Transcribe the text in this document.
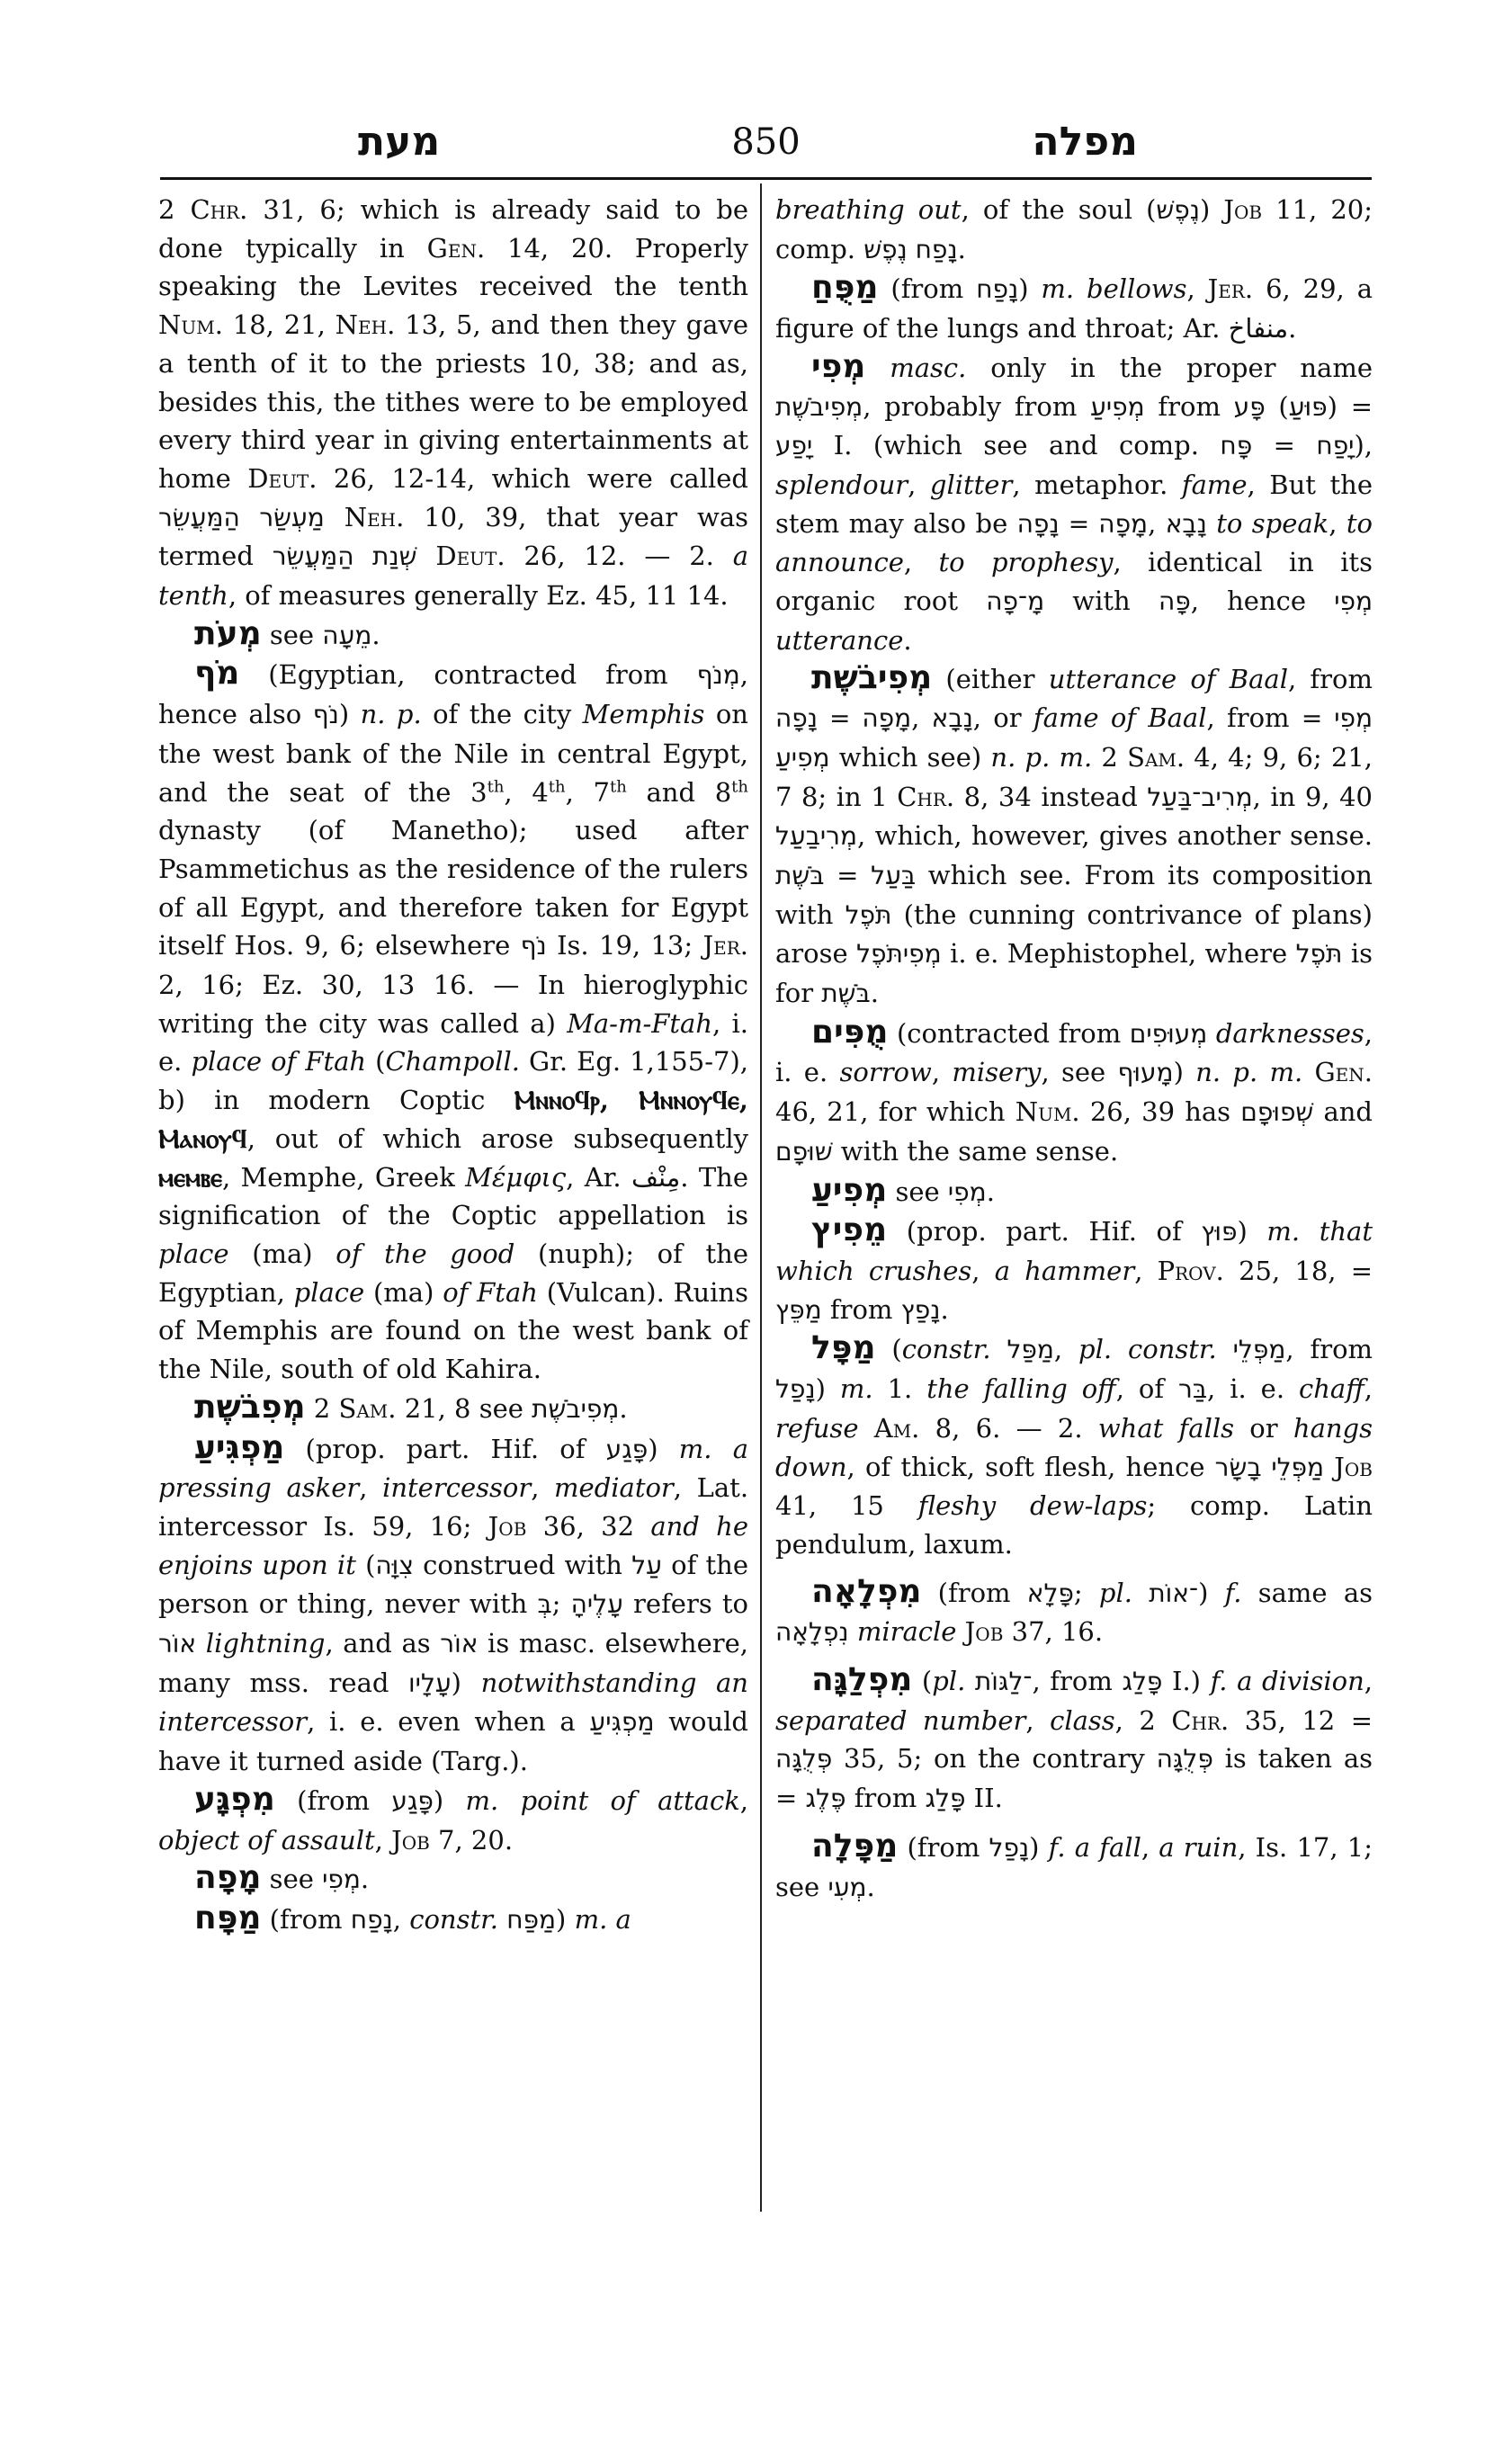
מעת	850	מפלה

2 Chr. 31, 6; which is already said to be done typically in Gen. 14, 20. Properly speaking the Levites received the tenth Num. 18, 21, Neh. 13, 5, and then they gave a tenth of it to the priests 10, 38; and as, besides this, the tithes were to be employed every third year in giving entertainments at home Deut. 26, 12-14, which were called מַעְשַׂר הַמַּעֲשֵׂר Neh. 10, 39, that year was termed שְׁנַת הַמַּעֲשֵׂר Deut. 26, 12. — 2. a tenth, of measures generally Ez. 45, 11 14.

מְעֹת see מֵעָה.

מֹף (Egyptian, contracted from מְנֹף, hence also נֹף) n. p. of the city Memphis on the west bank of the Nile in central Egypt, and the seat of the 3th, 4th, 7th and 8th dynasty (of Manetho); used after Psammetichus as the residence of the rulers of all Egypt, and therefore taken for Egypt itself Hos. 9, 6; elsewhere נֹף Is. 19, 13; Jer. 2, 16; Ez. 30, 13 16. — In hieroglyphic writing the city was called a) Ma-m-Ftah, i. e. place of Ftah (Champoll. Gr. Eg. 1,155-7), b) in modern Coptic Ⲙⲛⲛⲟϥⲣ, Ⲙⲛⲛⲟⲩϥⲉ, Ⲙⲁⲛⲟⲩϥ, out of which arose subsequently ⲙⲉⲙⲃⲉ, Memphe, Greek Μέμφις, Ar. مِنْف. The signification of the Coptic appellation is place (ma) of the good (nuph); of the Egyptian, place (ma) of Ftah (Vulcan). Ruins of Memphis are found on the west bank of the Nile, south of old Kahira.

מְפִבֹשֶׁת 2 Sam. 21, 8 see מְפִיבֹשֶׁת.

מַפְגִּיעַ (prop. part. Hif. of פָּגַע) m. a pressing asker, intercessor, mediator, Lat. intercessor Is. 59, 16; Job 36, 32 and he enjoins upon it (צִוָּה construed with עַל of the person or thing, never with בְּ; עָלֶיהָ refers to אוֹר lightning, and as אוֹר is masc. elsewhere, many mss. read עָלָיו) notwithstanding an intercessor, i. e. even when a מַפְגִּיעַ would have it turned aside (Targ.).

מִפְגָּע (from פָּגַע) m. point of attack, object of assault, Job 7, 20.

מָפָה see מְפִי.

מַפָּח (from נָפַח, constr. מַפַּח) m. a

breathing out, of the soul (נֶפֶשׁ) Job 11, 20; comp. נָפַח נֶפֶשׁ.

מַפֻּחַ (from נָפַח) m. bellows, Jer. 6, 29, a figure of the lungs and throat; Ar. منفاخ.

מְפִי masc. only in the proper name מְפִיבֹשֶׁת, probably from מְפִיעַ from פָּע (פּוּעַ) = יָפַע I. (which see and comp. פָּח = יָפַח), splendour, glitter, metaphor. fame, But the stem may also be מָפָה = נָפָה, נָבָא to speak, to announce, to prophesy, identical in its organic root מָ־פָה with פָּה, hence מְפִי utterance.

מְפִיבֹשֶׁת (either utterance of Baal, from מָפָה = נָפָה, נָבָא, or fame of Baal, from מְפִי = מְפִיעַ which see) n. p. m. 2 Sam. 4, 4; 9, 6; 21, 7 8; in 1 Chr. 8, 34 instead מְרִיב־בַּעַל, in 9, 40 מְרִיבַעַל, which, however, gives another sense. בֹּשֶׁת = בַּעַל which see. From its composition with תֹּפֶל (the cunning contrivance of plans) arose מְפִיתֹּפֶל i. e. Mephistophel, where תֹּפֶל is for בֹּשֶׁת.

מֻפִּים (contracted from מְעוּפִים darknesses, i. e. sorrow, misery, see מָעוּף) n. p. m. Gen. 46, 21, for which Num. 26, 39 has שְׁפוּפָם and שׁוּפָם with the same sense.

מְפִיעַ see מְפִי.

מֵפִיץ (prop. part. Hif. of פּוּץ) m. that which crushes, a hammer, Prov. 25, 18, = מַפֵּץ from נָפַץ.

מַפָּל (constr. מַפַּל, pl. constr. מַפְּלֵי, from נָפַל) m. 1. the falling off, of בַּר, i. e. chaff, refuse Am. 8, 6. — 2. what falls or hangs down, of thick, soft flesh, hence מַפְּלֵי בָשָׂר Job 41, 15 fleshy dew-laps; comp. Latin pendulum, laxum.

מִפְלָאָה (from פָּלָא; pl. ־אוֹת) f. same as נִפְלָאָה miracle Job 37, 16.

מִפְלַגָּה (pl. ־לַגּוֹת, from פָּלַג I.) f. a division, separated number, class, 2 Chr. 35, 12 = פְּלֻגָּה 35, 5; on the contrary פְּלֻגָּה is taken as = פֶּלֶג from פָּלַג II.

מַפָּלָה (from נָפַל) f. a fall, a ruin, Is. 17, 1; see מְעִי.
